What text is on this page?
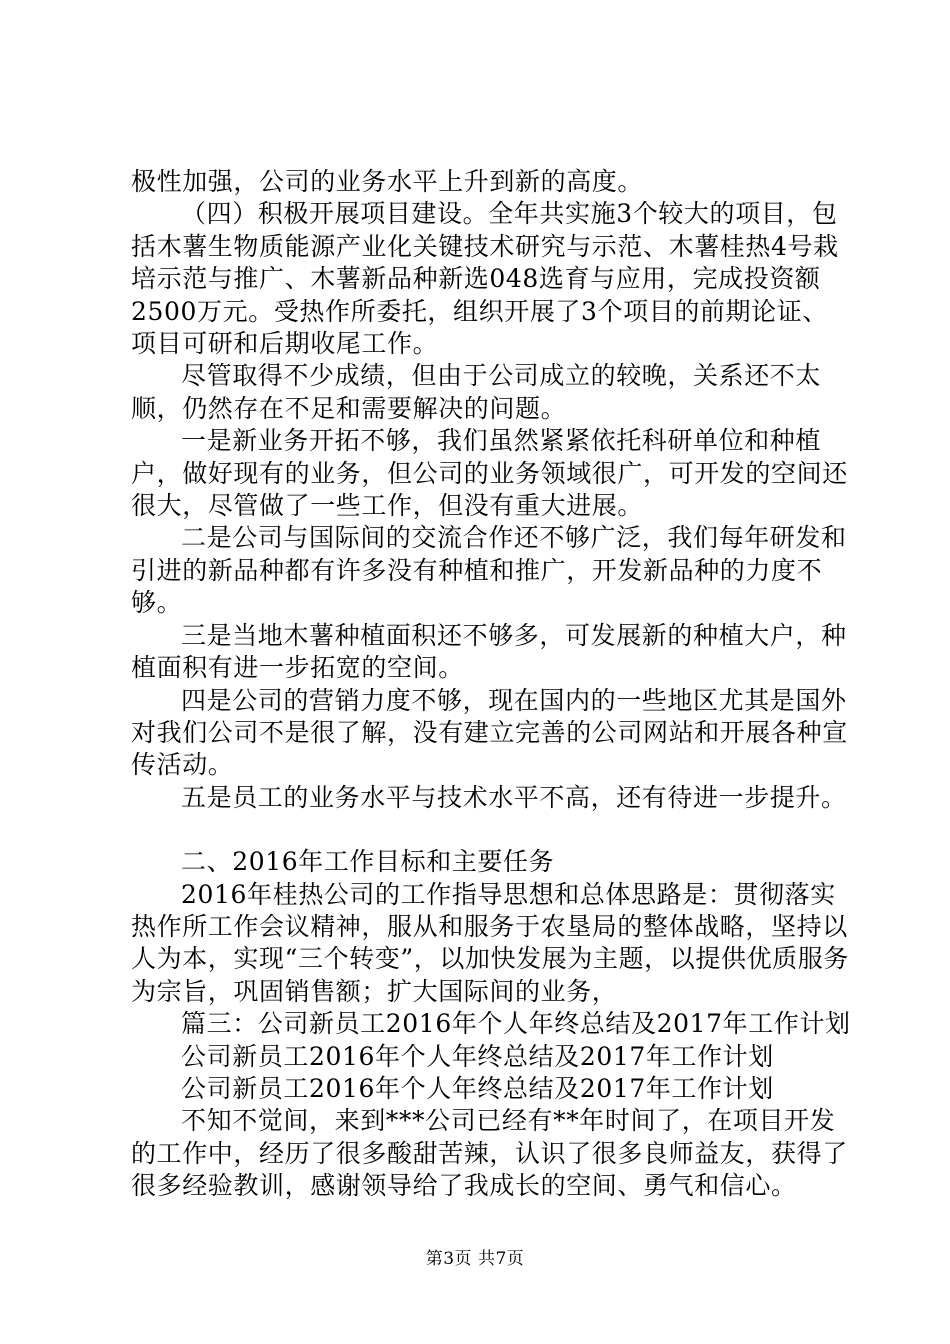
极性加强，公司的业务水平上升到新的高度。

（四）积极开展项目建设。全年共实施3个较大的项目，包括木薯生物质能源产业化关键技术研究与示范、木薯桂热4号栽培示范与推广、木薯新品种新选048选育与应用，完成投资额2500万元。受热作所委托，组织开展了3个项目的前期论证、项目可研和后期收尾工作。

尽管取得不少成绩，但由于公司成立的较晚，关系还不太顺，仍然存在不足和需要解决的问题。

一是新业务开拓不够，我们虽然紧紧依托科研单位和种植户，做好现有的业务，但公司的业务领域很广，可开发的空间还很大，尽管做了一些工作，但没有重大进展。

二是公司与国际间的交流合作还不够广泛，我们每年研发和引进的新品种都有许多没有种植和推广，开发新品种的力度不够。

三是当地木薯种植面积还不够多，可发展新的种植大户，种植面积有进一步拓宽的空间。

四是公司的营销力度不够，现在国内的一些地区尤其是国外对我们公司不是很了解，没有建立完善的公司网站和开展各种宣传活动。

五是员工的业务水平与技术水平不高，还有待进一步提升。

二、2016年工作目标和主要任务

2016年桂热公司的工作指导思想和总体思路是：贯彻落实热作所工作会议精神，服从和服务于农垦局的整体战略，坚持以人为本，实现“三个转变”，以加快发展为主题，以提供优质服务为宗旨，巩固销售额；扩大国际间的业务，

篇三：公司新员工2016年个人年终总结及2017年工作计划

公司新员工2016年个人年终总结及2017年工作计划

公司新员工2016年个人年终总结及2017年工作计划

不知不觉间，来到***公司已经有**年时间了，在项目开发的工作中，经历了很多酸甜苦辣，认识了很多良师益友，获得了很多经验教训，感谢领导给了我成长的空间、勇气和信心。

第3页 共7页
